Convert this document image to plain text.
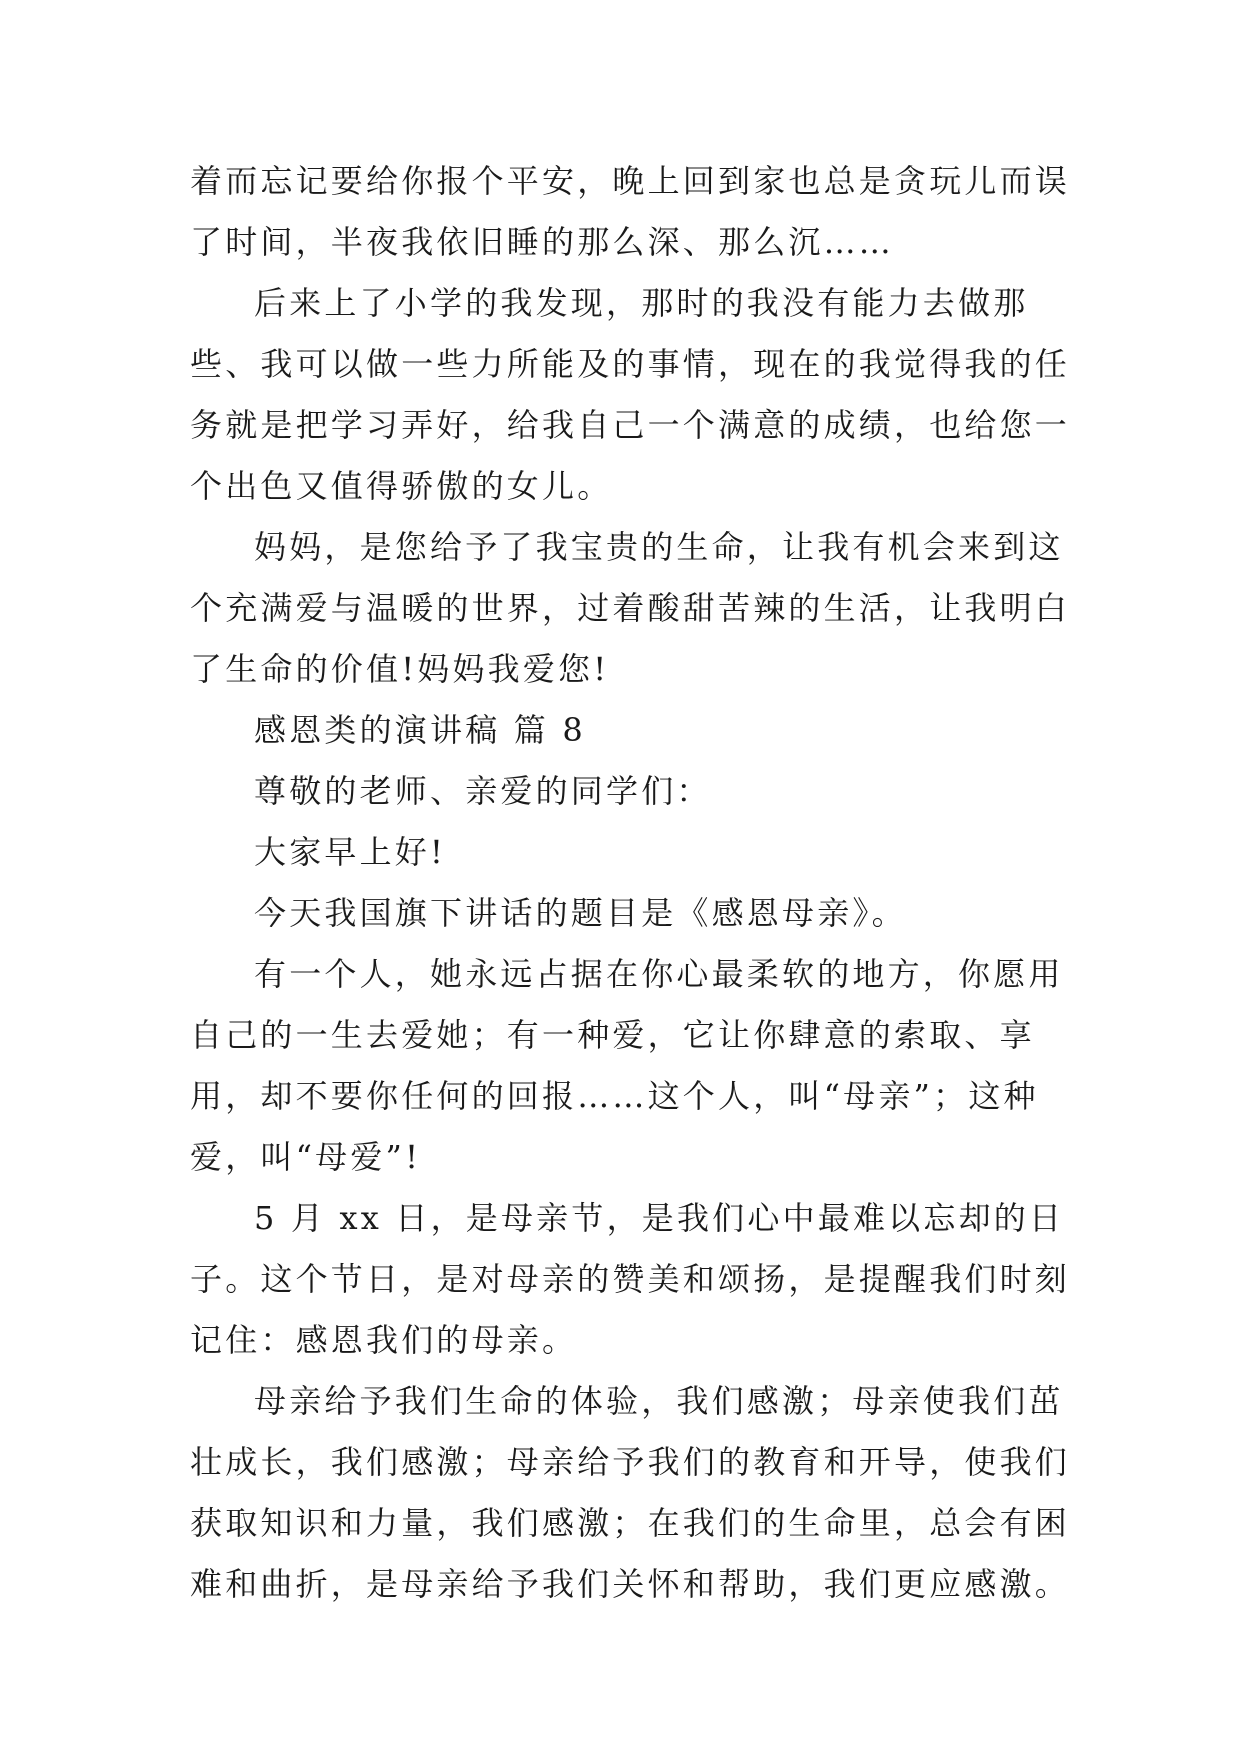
着而忘记要给你报个平安，晚上回到家也总是贪玩儿而误了时间，半夜我依旧睡的那么深、那么沉……

后来上了小学的我发现，那时的我没有能力去做那些、我可以做一些力所能及的事情，现在的我觉得我的任务就是把学习弄好，给我自己一个满意的成绩，也给您一个出色又值得骄傲的女儿。

妈妈，是您给予了我宝贵的生命，让我有机会来到这个充满爱与温暖的世界，过着酸甜苦辣的生活，让我明白了生命的价值!妈妈我爱您!

感恩类的演讲稿 篇 8

尊敬的老师、亲爱的同学们：

大家早上好!

今天我国旗下讲话的题目是《感恩母亲》。

有一个人，她永远占据在你心最柔软的地方，你愿用自己的一生去爱她；有一种爱，它让你肆意的索取、享用，却不要你任何的回报……这个人，叫“母亲”；这种爱，叫“母爱”!

5 月 xx 日，是母亲节，是我们心中最难以忘却的日子。这个节日，是对母亲的赞美和颂扬，是提醒我们时刻记住：感恩我们的母亲。

母亲给予我们生命的体验，我们感激；母亲使我们茁壮成长，我们感激；母亲给予我们的教育和开导，使我们获取知识和力量，我们感激；在我们的生命里，总会有困难和曲折，是母亲给予我们关怀和帮助，我们更应感激。
